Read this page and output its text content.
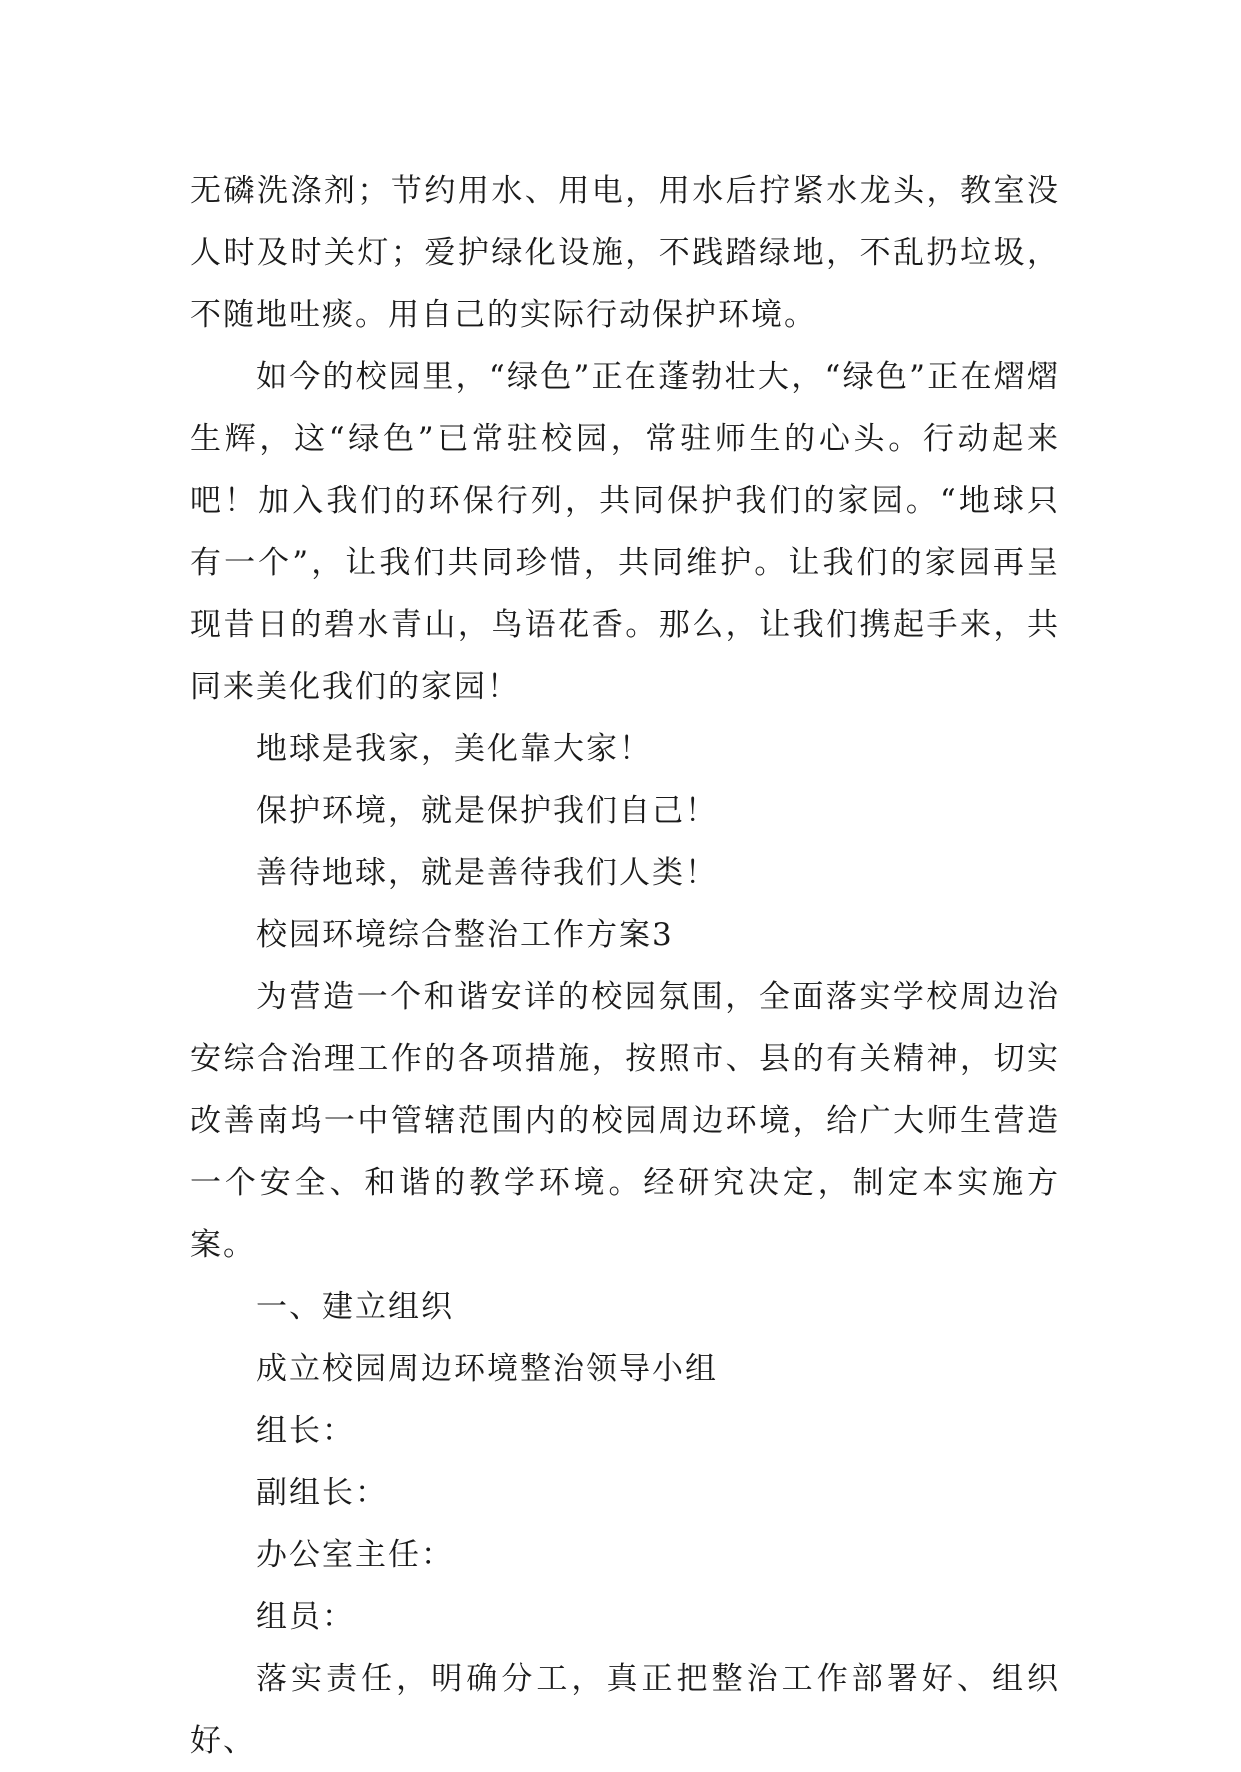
无磷洗涤剂；节约用水、用电，用水后拧紧水龙头，教室没人时及时关灯；爱护绿化设施，不践踏绿地，不乱扔垃圾，不随地吐痰。用自己的实际行动保护环境。

如今的校园里，“绿色”正在蓬勃壮大，“绿色”正在熠熠生辉，这“绿色”已常驻校园，常驻师生的心头。行动起来吧！加入我们的环保行列，共同保护我们的家园。“地球只有一个”，让我们共同珍惜，共同维护。让我们的家园再呈现昔日的碧水青山，鸟语花香。那么，让我们携起手来，共同来美化我们的家园！

地球是我家，美化靠大家！

保护环境，就是保护我们自己！

善待地球，就是善待我们人类！

校园环境综合整治工作方案3

为营造一个和谐安详的校园氛围，全面落实学校周边治安综合治理工作的各项措施，按照市、县的有关精神，切实改善南坞一中管辖范围内的校园周边环境，给广大师生营造一个安全、和谐的教学环境。经研究决定，制定本实施方案。

一、建立组织

成立校园周边环境整治领导小组

组长：

副组长：

办公室主任：

组员：

落实责任，明确分工，真正把整治工作部署好、组织好、
